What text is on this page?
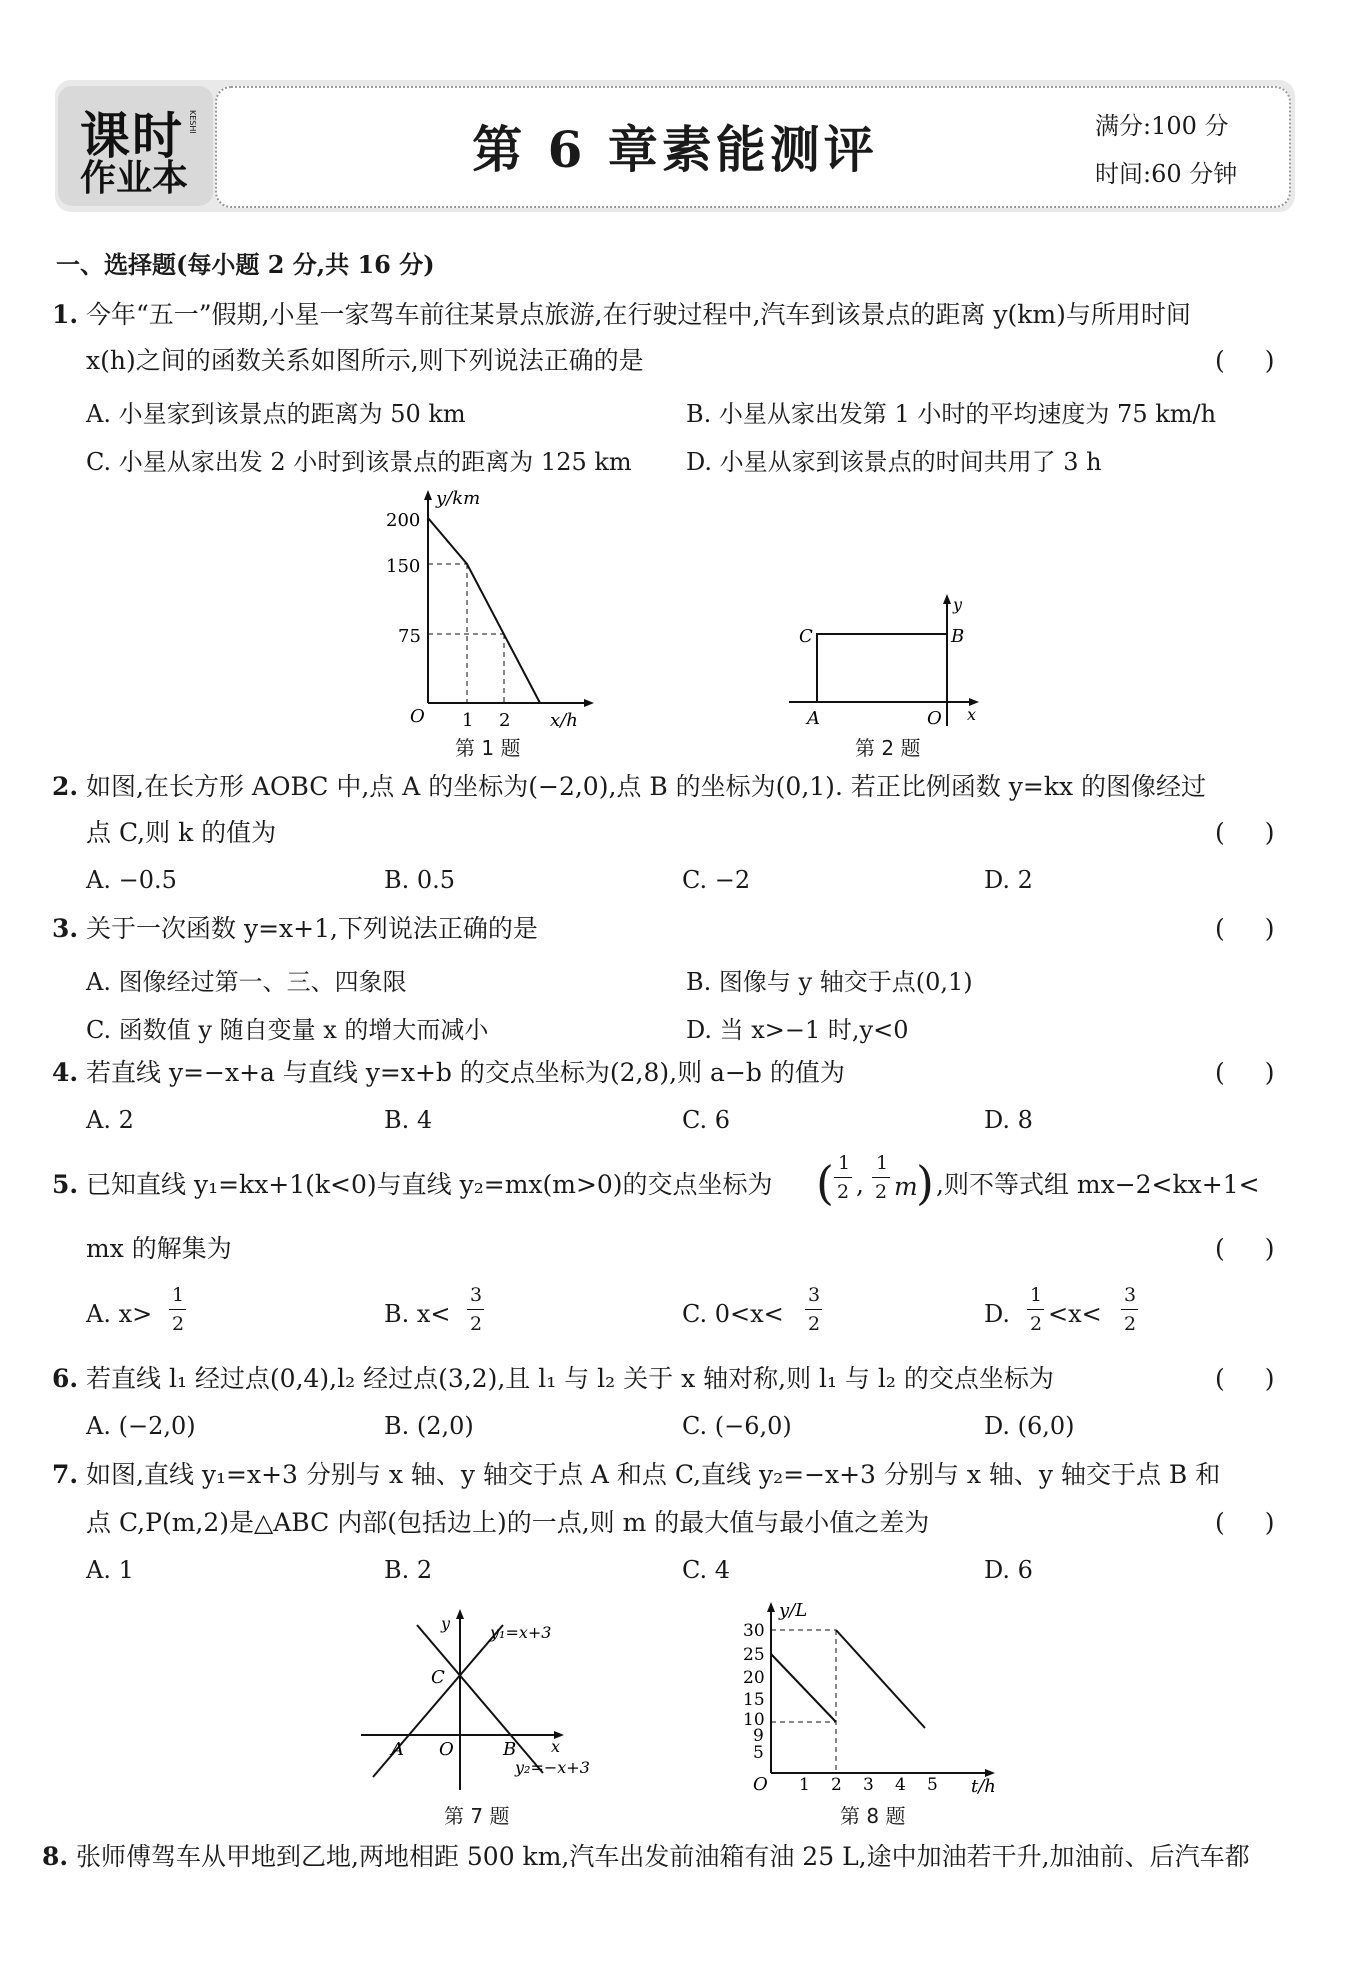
课时
作业本
KESHI	第 6 章素能测评	满分:100 分
时间:60 分钟
一、选择题(每小题 2 分,共 16 分)
1. 今年“五一”假期,小星一家驾车前往某景点旅游,在行驶过程中,汽车到该景点的距离 y(km)与所用时间
x(h)之间的函数关系如图所示,则下列说法正确的是	()
A. 小星家到该景点的距离为 50 km	B. 小星从家出发第 1 小时的平均速度为 75 km/h
C. 小星从家出发 2 小时到该景点的距离为 125 km D. 小星从家到该景点的时间共用了 3 h
y/km
200
150
75
O 1 2 x/h
第 1 题
C	B
y
A	O x
第 2 题
2. 如图,在长方形 AOBC 中,点 A 的坐标为(−2,0),点 B 的坐标为(0,1). 若正比例函数 y=kx 的图像经过
点 C,则 k 的值为	()
A. −0.5	B. 0.5	C. −2	D. 2
3. 关于一次函数 y=x+1,下列说法正确的是	()
A. 图像经过第一、三、四象限	B. 图像与 y 轴交于点(0,1)
C. 函数值 y 随自变量 x 的增大而减小	D. 当 x>−1 时,y<0
4. 若直线 y=−x+a 与直线 y=x+b 的交点坐标为(2,8),则 a−b 的值为	()
A. 2	B. 4	C. 6	D. 8
5. 已知直线 y₁=kx+1(k<0)与直线 y₂=mx(m>0)的交点坐标为 ( 1
2 ,
1
2 m
) ,则不等式组 mx−2<kx+1<
mx 的解集为	()
A. x>
1
2	B. x<
3
2	C. 0<x<
3
2	D.
1
2 <x<
3
2
6. 若直线 l₁ 经过点(0,4),l₂ 经过点(3,2),且 l₁ 与 l₂ 关于 x 轴对称,则 l₁ 与 l₂ 的交点坐标为	()
A. (−2,0)	B. (2,0)	C. (−6,0)	D. (6,0)
7. 如图,直线 y₁=x+3 分别与 x 轴、y 轴交于点 A 和点 C,直线 y₂=−x+3 分别与 x 轴、y 轴交于点 B 和
点 C,P(m,2)是△ABC 内部(包括边上)的一点,则 m 的最大值与最小值之差为	()
A. 1	B. 2	C. 4	D. 6
y y₁=x+3
C
A O	B x
y₂=−x+3
第 7 题
y/L
30
25
20
15
10
9
5
O 1 2 3 4 5 t/h
第 8 题
8. 张师傅驾车从甲地到乙地,两地相距 500 km,汽车出发前油箱有油 25 L,途中加油若干升,加油前、后汽车都
